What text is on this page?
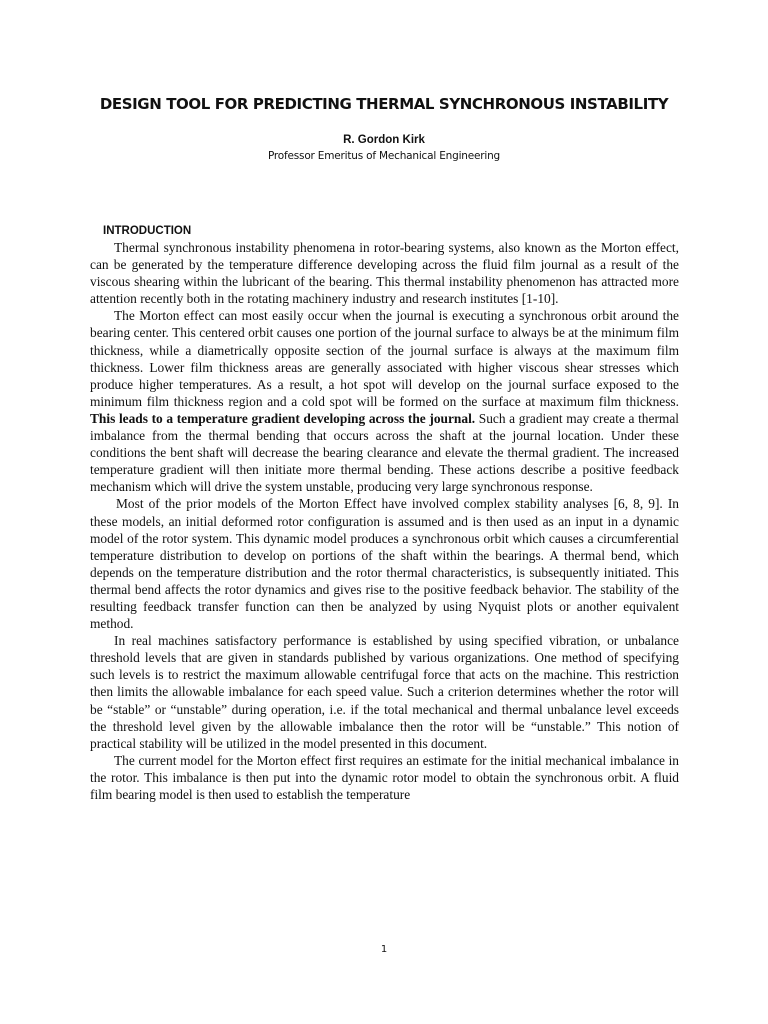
DESIGN TOOL FOR PREDICTING THERMAL SYNCHRONOUS INSTABILITY
R. Gordon Kirk
Professor Emeritus of Mechanical Engineering
INTRODUCTION

Thermal synchronous instability phenomena in rotor-bearing systems, also known as the Morton effect, can be generated by the temperature difference developing across the fluid film journal as a result of the viscous shearing within the lubricant of the bearing. This thermal instability phenomenon has attracted more attention recently both in the rotating machinery industry and research institutes [1-10].

The Morton effect can most easily occur when the journal is executing a synchronous orbit around the bearing center. This centered orbit causes one portion of the journal surface to always be at the minimum film thickness, while a diametrically opposite section of the journal surface is always at the maximum film thickness. Lower film thickness areas are generally associated with higher viscous shear stresses which produce higher temperatures. As a result, a hot spot will develop on the journal surface exposed to the minimum film thickness region and a cold spot will be formed on the surface at maximum film thickness. This leads to a temperature gradient developing across the journal. Such a gradient may create a thermal imbalance from the thermal bending that occurs across the shaft at the journal location. Under these conditions the bent shaft will decrease the bearing clearance and elevate the thermal gradient. The increased temperature gradient will then initiate more thermal bending. These actions describe a positive feedback mechanism which will drive the system unstable, producing very large synchronous response.

Most of the prior models of the Morton Effect have involved complex stability analyses [6, 8, 9]. In these models, an initial deformed rotor configuration is assumed and is then used as an input in a dynamic model of the rotor system. This dynamic model produces a synchronous orbit which causes a circumferential temperature distribution to develop on portions of the shaft within the bearings. A thermal bend, which depends on the temperature distribution and the rotor thermal characteristics, is subsequently initiated. This thermal bend affects the rotor dynamics and gives rise to the positive feedback behavior. The stability of the resulting feedback transfer function can then be analyzed by using Nyquist plots or another equivalent method.

In real machines satisfactory performance is established by using specified vibration, or unbalance threshold levels that are given in standards published by various organizations. One method of specifying such levels is to restrict the maximum allowable centrifugal force that acts on the machine. This restriction then limits the allowable imbalance for each speed value. Such a criterion determines whether the rotor will be “stable” or “unstable” during operation, i.e. if the total mechanical and thermal unbalance level exceeds the threshold level given by the allowable imbalance then the rotor will be “unstable.” This notion of practical stability will be utilized in the model presented in this document.

The current model for the Morton effect first requires an estimate for the initial mechanical imbalance in the rotor. This imbalance is then put into the dynamic rotor model to obtain the synchronous orbit. A fluid film bearing model is then used to establish the temperature

1
